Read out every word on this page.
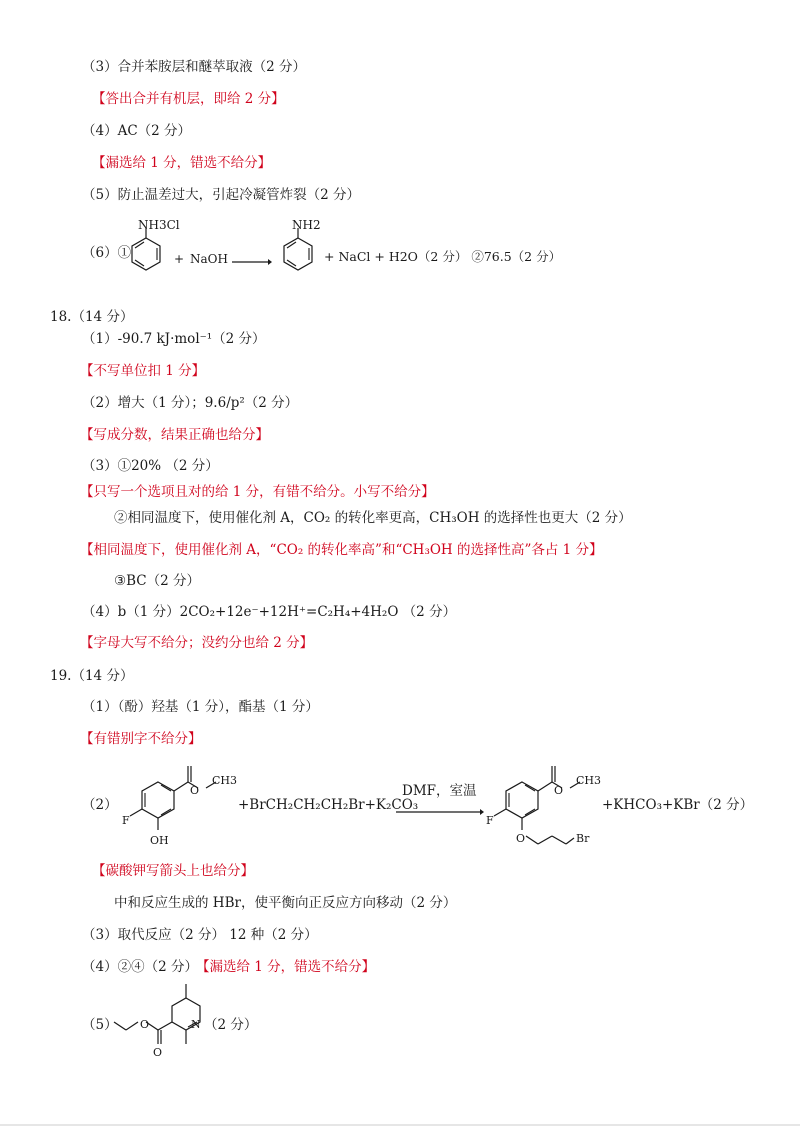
（3）合并苯胺层和醚萃取液（2 分）
【答出合并有机层，即给 2 分】
（4）AC（2 分）
【漏选给 1 分，错选不给分】
（5）防止温差过大，引起冷凝管炸裂（2 分）
（6）①
NH3Cl
+ NaOH →
NH2
+ NaCl + H2O（2 分） ②76.5（2 分）
18.（14 分）
（1）-90.7 kJ·mol⁻¹（2 分）
【不写单位扣 1 分】
（2）增大（1 分）；9.6/p²（2 分）
【写成分数，结果正确也给分】
（3）①20% （2 分）
【只写一个选项且对的给 1 分，有错不给分。小写不给分】
②相同温度下，使用催化剂 A，CO₂ 的转化率更高，CH₃OH 的选择性也更大（2 分）
【相同温度下，使用催化剂 A，“CO₂ 的转化率高”和“CH₃OH 的选择性高”各占 1 分】
③BC（2 分）
（4）b（1 分）2CO₂+12e⁻+12H⁺=C₂H₄+4H₂O （2 分）
【字母大写不给分；没约分也给 2 分】
19.（14 分）
（1）（酚）羟基（1 分），酯基（1 分）
【有错别字不给分】
（2）
O
CH3
F
OH
+BrCH₂CH₂CH₂Br+K₂CO₃
DMF，室温	O
CH3
F
O	Br
+KHCO₃+KBr（2 分）
【碳酸钾写箭头上也给分】
中和反应生成的 HBr，使平衡向正反应方向移动（2 分）
（3）取代反应（2 分） 12 种（2 分）
（4）②④（2 分）
【漏选给 1 分，错选不给分】
（5） O
O
N （2 分）
